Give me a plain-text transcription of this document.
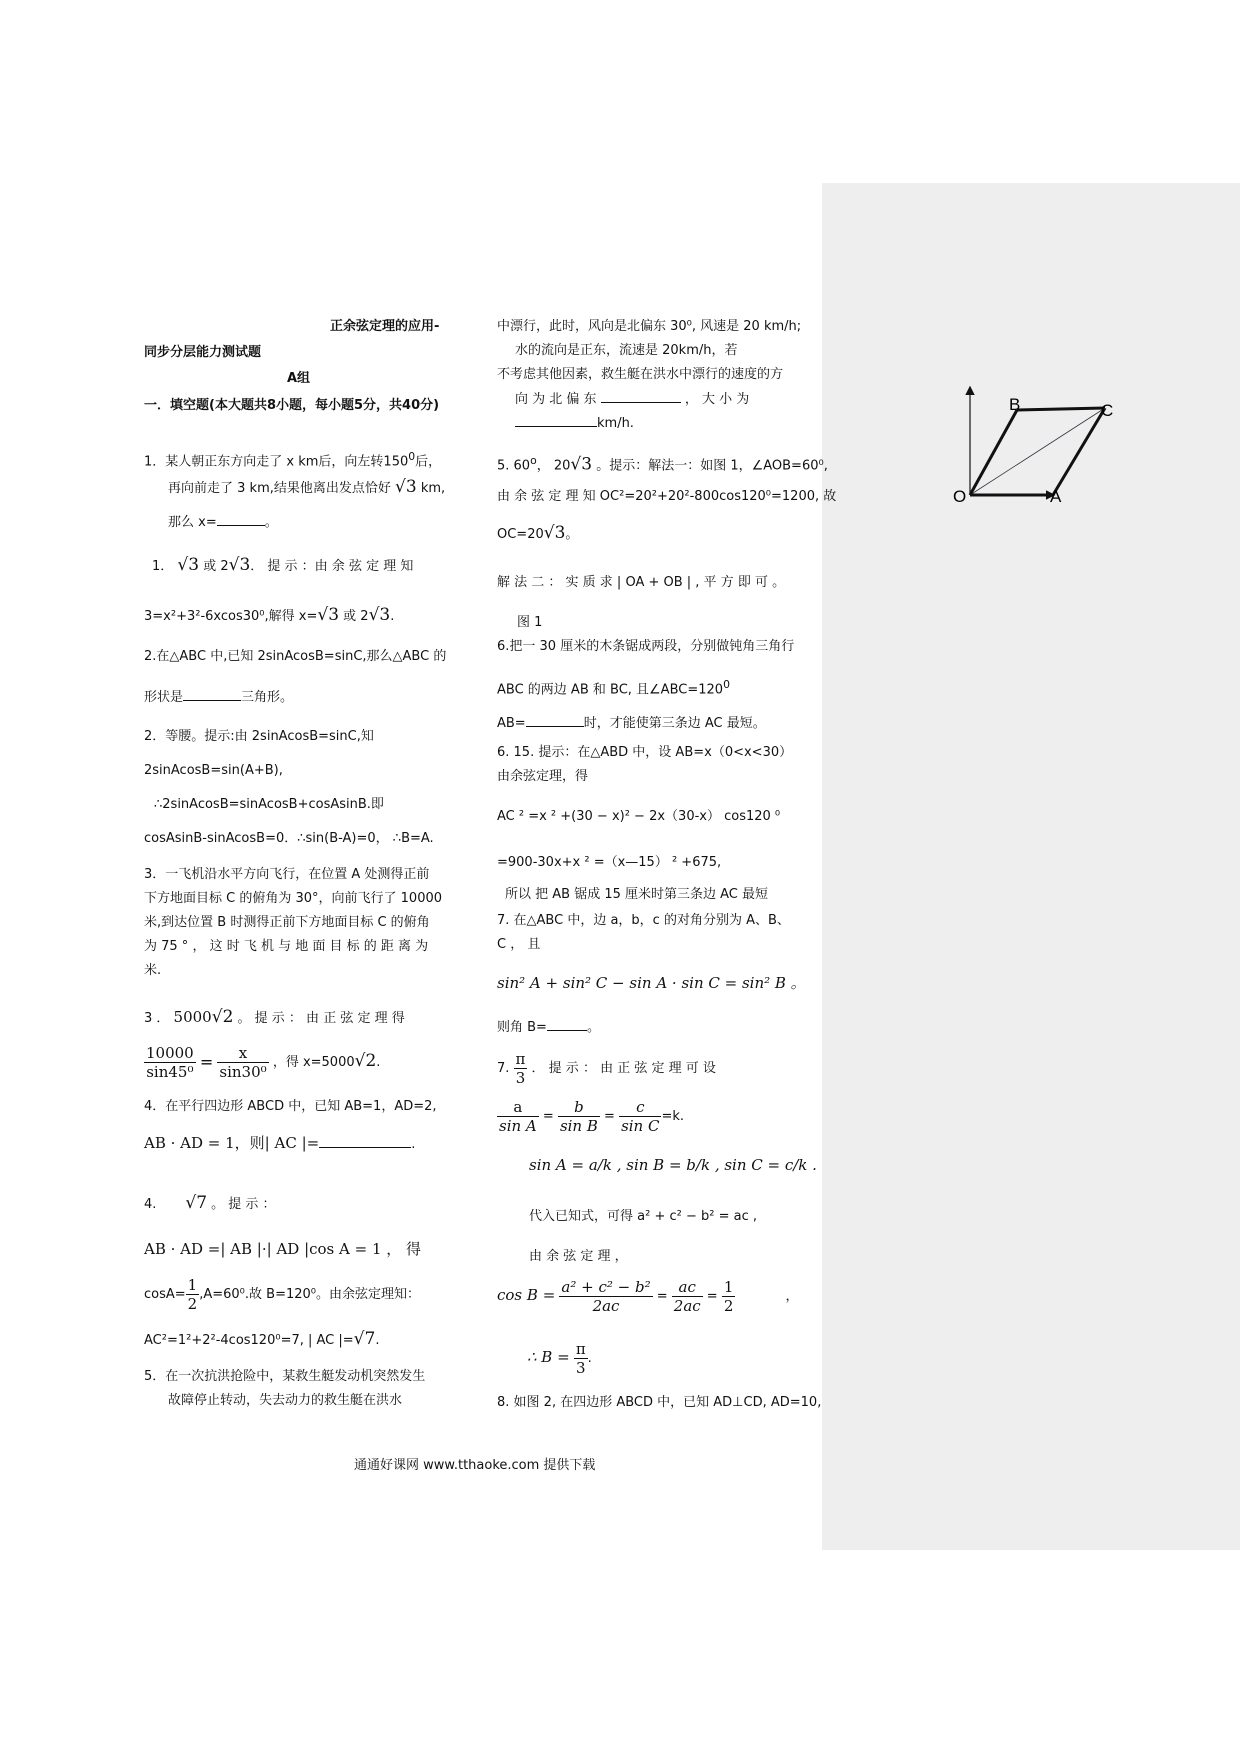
正余弦定理的应用-
同步分层能力测试题
A组
一．填空题(本大题共8小题，每小题5分，共40分)
1．某人朝正东方向走了 x km后，向左转$150^0$后，
再向前走了 3 km,结果他离出发点恰好 √3 km,
那么 x=	。
1． √3 或 2√3． 提 示 ：由 余 弦 定 理 知
3=x²+3²-6xcos30⁰,解得 x=√3 或 2√3.
2.在△ABC 中,已知 2sinAcosB=sinC,那么△ABC 的
形状是	三角形。
2．等腰。提示:由 2sinAcosB=sinC,知
2sinAcosB=sin(A+B),
∴2sinAcosB=sinAcosB+cosAsinB.即
cosAsinB-sinAcosB=0．∴sin(B-A)=0， ∴B=A.
3．一飞机沿水平方向飞行，在位置 A 处测得正前
下方地面目标 C 的俯角为 30°，向前飞行了 10000
米,到达位置 B 时测得正前下方地面目标 C 的俯角
为 75 ° ， 这 时 飞 机 与 地 面 目 标 的 距 离 为
米.
3 ． 5000√2 。 提 示 ： 由 正 弦 定 理 得
$\frac{10000}{\text{sin45⁰}} = \frac{x}{\text{sin30⁰}}$ ，得 x=5000√2.
4．在平行四边形 ABCD 中，已知 AB=1，AD=2,
AB · AD = 1，则| AC |=	.
4. √7 。 提 示 ：
AB · AD =| AB |·| AD |cos A = 1 ， 得
$\cos A= \frac{1}{2} ,A=60^0$.故 B=120⁰。由余弦定理知：
AC²=1²+2²-4cos120⁰=7, | AC |=√7.
5．在一次抗洪抢险中，某救生艇发动机突然发生
故障停止转动，失去动力的救生艇在洪水
中漂行，此时，风向是北偏东 30⁰, 风速是 20 km/h;
水的流向是正东，流速是 20km/h，若
不考虑其他因素，救生艇在洪水中漂行的速度的方
向 为 北 偏 东	， 大 小 为
km/h.
5. 60$^o$， 20√3 。提示：解法一：如图 1，∠AOB=60⁰,
由 余 弦 定 理 知 OC²=20²+20²-800cos120⁰=1200, 故
OC=20√3。
解 法 二 ： 实 质 求 | OA + OB | , 平 方 即 可 。
图 1
6.把一 30 厘米的木条锯成两段，分别做钝角三角行
ABC 的两边 AB 和 BC, 且$\angle ABC=120^0$
AB=	时，才能使第三条边 AC 最短。
6. 15. 提示：在△ABD 中，设 AB=x（0<x<30）
由余弦定理，得
AC ² =x ² +(30 − x)² − 2x（30-x） cos120 ⁰
=900-30x+x ² =（x—15） ² +675,
所以 把 AB 锯成 15 厘米时第三条边 AC 最短
7. 在△ABC 中，边 a，b，c 的对角分别为 A、B、
C ， 且
sin² A + sin² C − sin A · sin C = sin² B 。
则角 B=	。
7. $\frac{\pi}{3}$ ． 提 示 ： 由 正 弦 定 理 可 设
$\frac{a}{\text{sin A}} = \frac{b}{\text{sin B}} = \frac{c}{\text{sin C}} =k$.
sin A = a/k , sin B = b/k , sin C = c/k .
代入已知式，可得 a² + c² − b² = ac ,
由 余 弦 定 理 ，
$\cos B = \frac{\text{a² + c² − b²}}{2ac} = \frac{ac}{2ac} = \frac{1}{2}$	，
∴ $B = \frac{\pi}{3}$ .
8. 如图 2, 在四边形 ABCD 中，已知 AD⊥CD, AD=10,
B	C
O	A
通通好课网 www.tthaoke.com 提供下载
